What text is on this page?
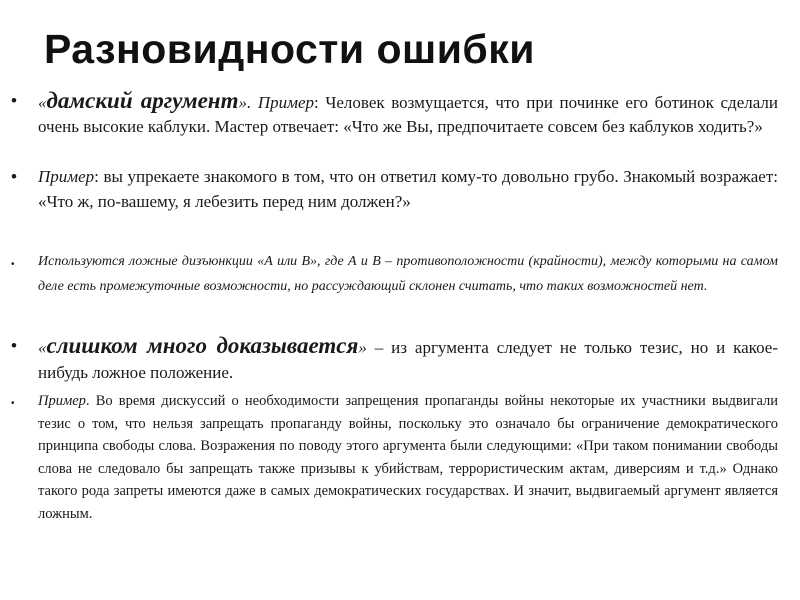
Разновидности ошибки
• «дамский аргумент». Пример: Человек возмущается, что при починке его ботинок сделали очень высокие каблуки. Мастер отвечает: «Что же Вы, предпочитаете совсем без каблуков ходить?»
• Пример: вы упрекаете знакомого в том, что он ответил кому-то довольно грубо. Знакомый возражает: «Что ж, по-вашему, я лебезить перед ним должен?»
• Используются ложные дизъюнкции «А или В», где А и В – противоположности (крайности), между которыми на самом деле есть промежуточные возможности, но рассуждающий склонен считать, что таких возможностей нет.
• «слишком много доказывается» – из аргумента следует не только тезис, но и какое-нибудь ложное положение.
• Пример. Во время дискуссий о необходимости запрещения пропаганды войны некоторые их участники выдвигали тезис о том, что нельзя запрещать пропаганду войны, поскольку это означало бы ограничение демократического принципа свободы слова. Возражения по поводу этого аргумента были следующими: «При таком понимании свободы слова не следовало бы запрещать также призывы к убийствам, террористическим актам, диверсиям и т.д.» Однако такого рода запреты имеются даже в самых демократических государствах. И значит, выдвигаемый аргумент является ложным.
